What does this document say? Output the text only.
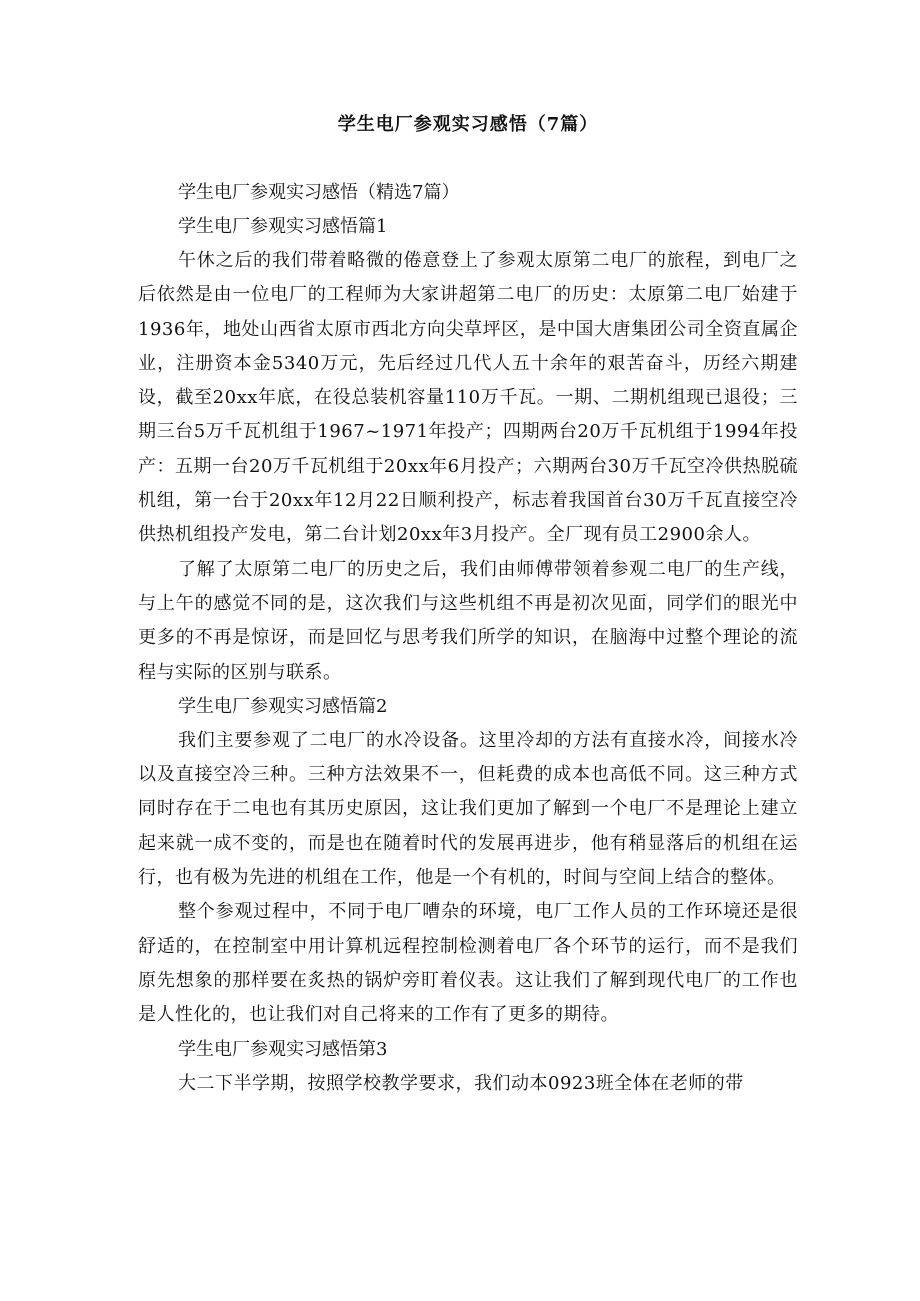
学生电厂参观实习感悟（7篇）

学生电厂参观实习感悟（精选7篇）

学生电厂参观实习感悟篇1

午休之后的我们带着略微的倦意登上了参观太原第二电厂的旅程，到电厂之后依然是由一位电厂的工程师为大家讲超第二电厂的历史：太原第二电厂始建于1936年，地处山西省太原市西北方向尖草坪区，是中国大唐集团公司全资直属企业，注册资本金5340万元，先后经过几代人五十余年的艰苦奋斗，历经六期建设，截至20xx年底，在役总装机容量110万千瓦。一期、二期机组现已退役；三期三台5万千瓦机组于1967~1971年投产；四期两台20万千瓦机组于1994年投产：五期一台20万千瓦机组于20xx年6月投产；六期两台30万千瓦空冷供热脱硫机组，第一台于20xx年12月22日顺利投产，标志着我国首台30万千瓦直接空冷供热机组投产发电，第二台计划20xx年3月投产。全厂现有员工2900余人。

了解了太原第二电厂的历史之后，我们由师傅带领着参观二电厂的生产线，与上午的感觉不同的是，这次我们与这些机组不再是初次见面，同学们的眼光中更多的不再是惊讶，而是回忆与思考我们所学的知识，在脑海中过整个理论的流程与实际的区别与联系。

学生电厂参观实习感悟篇2

我们主要参观了二电厂的水冷设备。这里冷却的方法有直接水冷，间接水冷以及直接空冷三种。三种方法效果不一，但耗费的成本也高低不同。这三种方式同时存在于二电也有其历史原因，这让我们更加了解到一个电厂不是理论上建立起来就一成不变的，而是也在随着时代的发展再进步，他有稍显落后的机组在运行，也有极为先进的机组在工作，他是一个有机的，时间与空间上结合的整体。

整个参观过程中，不同于电厂嘈杂的环境，电厂工作人员的工作环境还是很舒适的，在控制室中用计算机远程控制检测着电厂各个环节的运行，而不是我们原先想象的那样要在炙热的锅炉旁盯着仪表。这让我们了解到现代电厂的工作也是人性化的，也让我们对自己将来的工作有了更多的期待。

学生电厂参观实习感悟第3

大二下半学期，按照学校教学要求，我们动本0923班全体在老师的带
